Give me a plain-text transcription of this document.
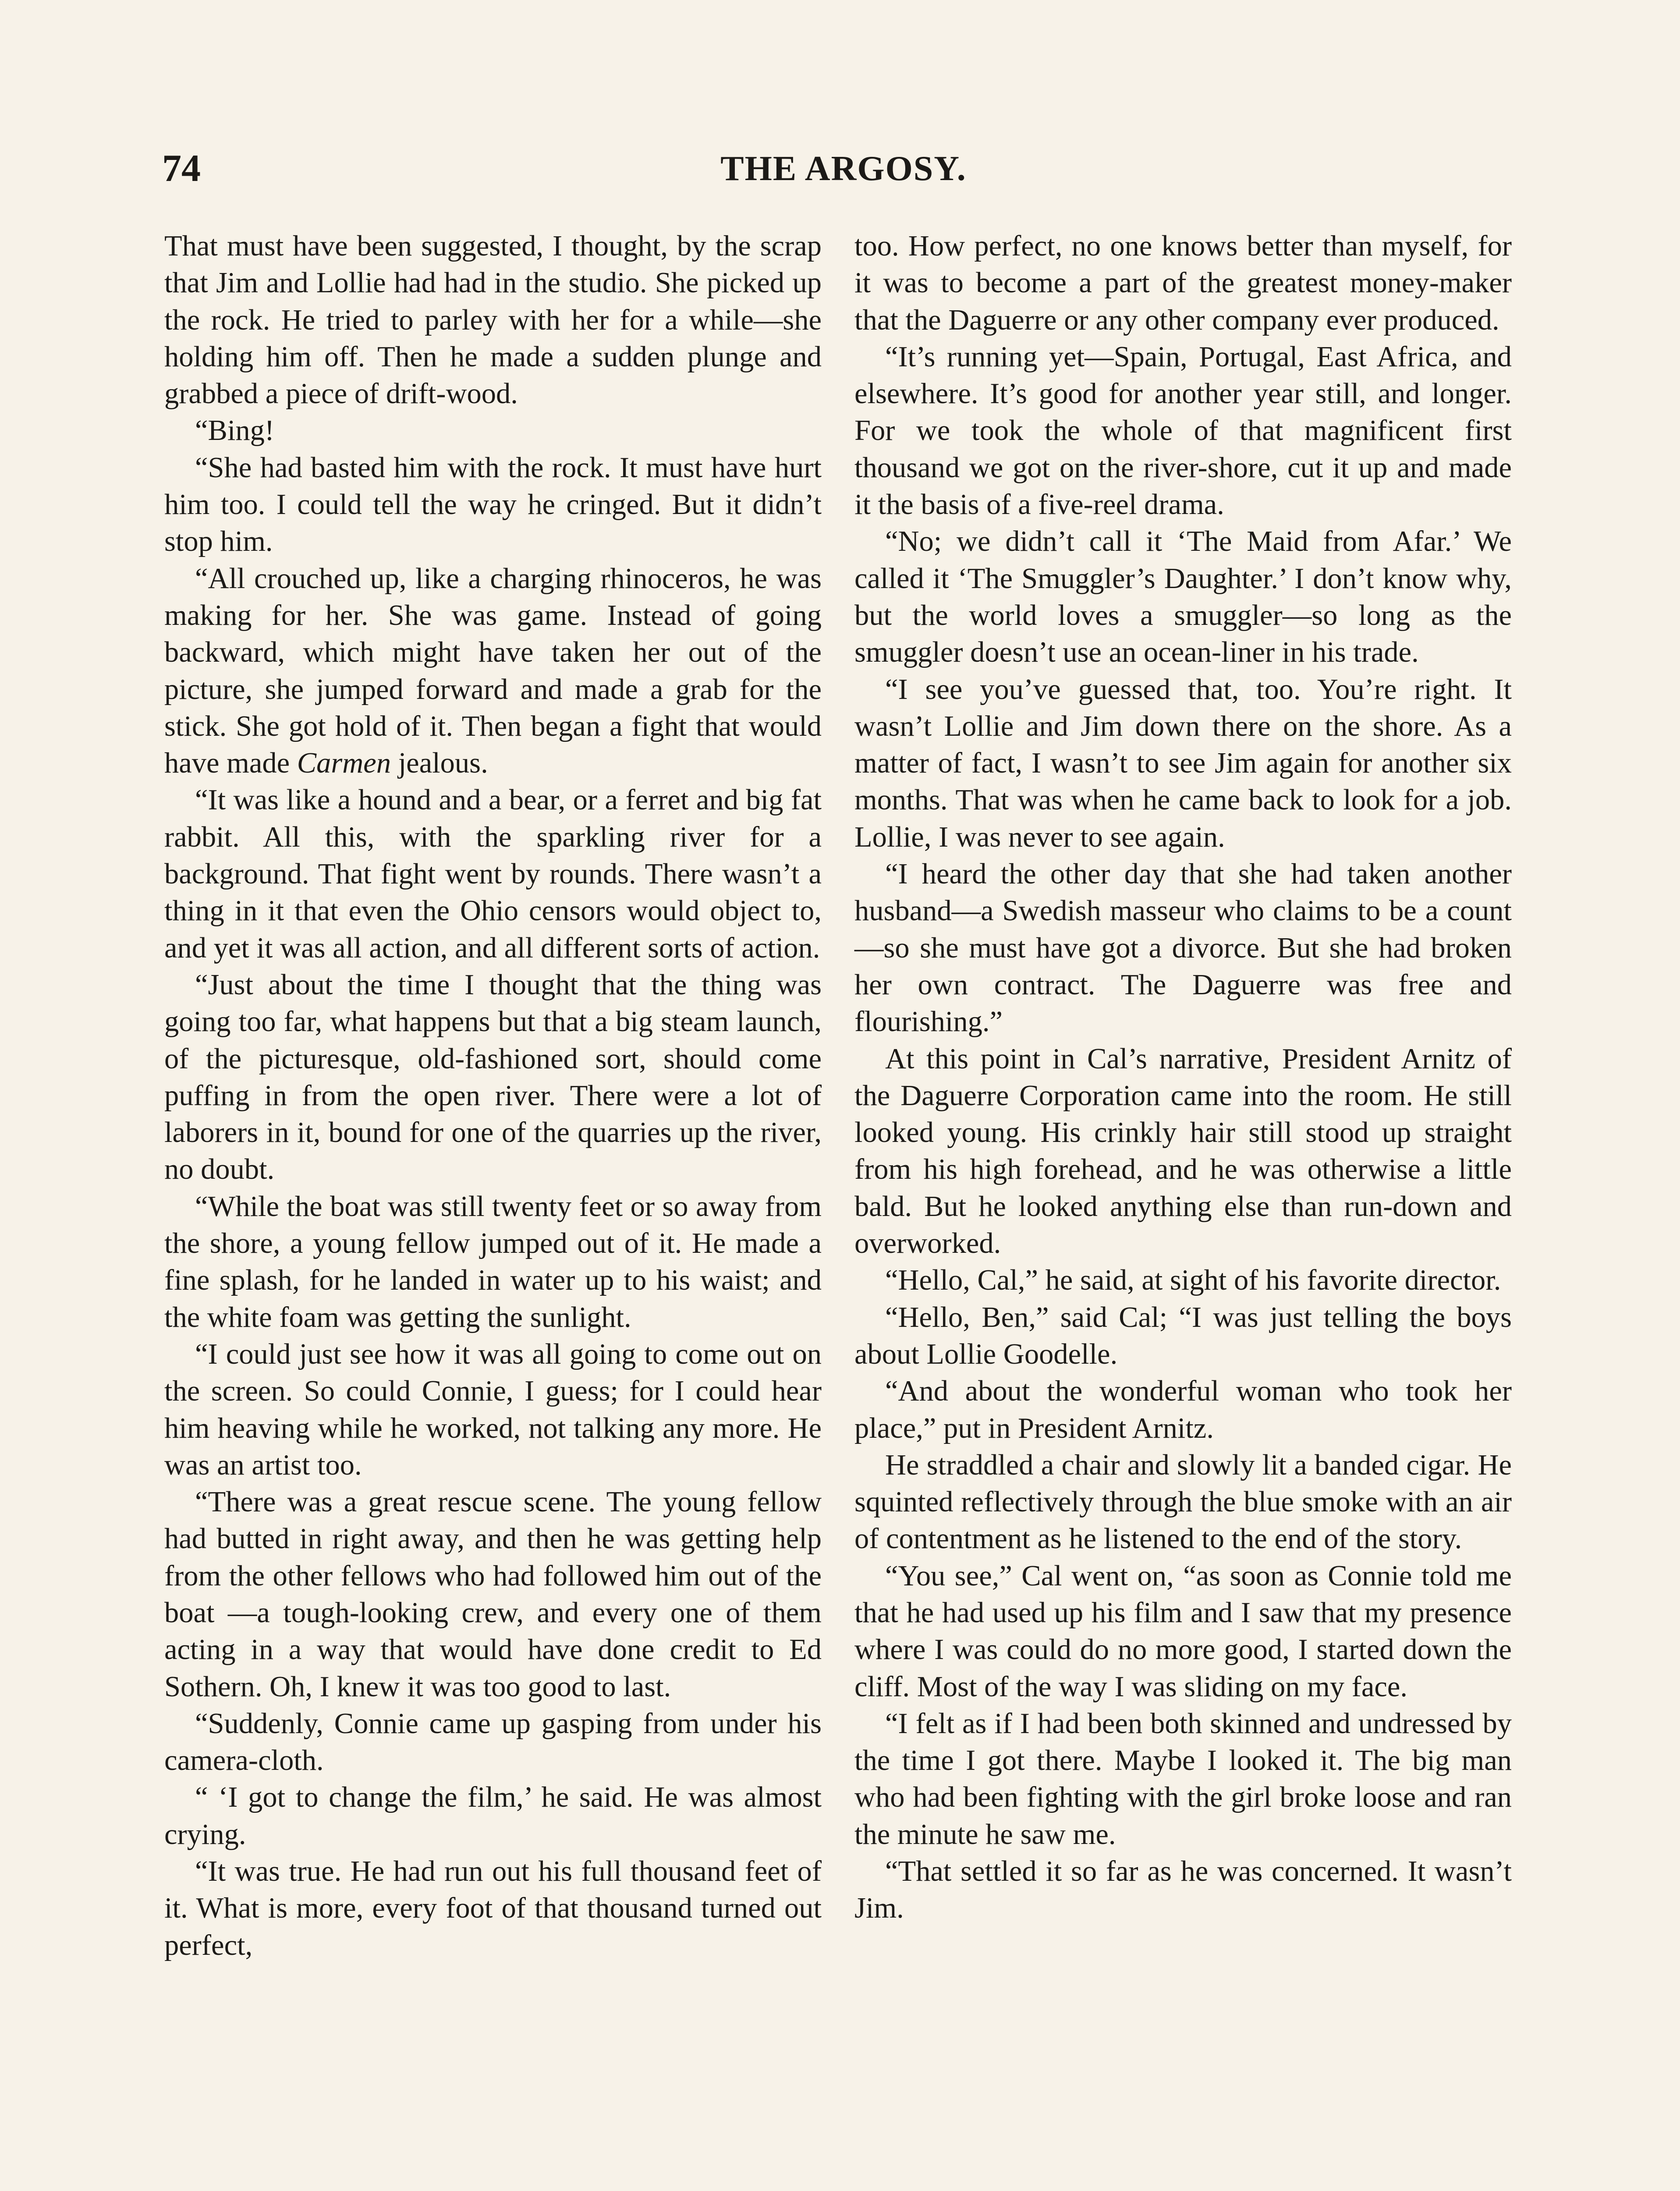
74	THE ARGOSY.

That must have been suggested, I thought, by the scrap that Jim and Lollie had had in the studio. She picked up the rock. He tried to parley with her for a while—she holding him off. Then he made a sudden plunge and grabbed a piece of drift-wood.

“Bing!

“She had basted him with the rock. It must have hurt him too. I could tell the way he cringed. But it didn’t stop him.

“All crouched up, like a charging rhinoceros, he was making for her. She was game. Instead of going backward, which might have taken her out of the picture, she jumped forward and made a grab for the stick. She got hold of it. Then began a fight that would have made Carmen jealous.

“It was like a hound and a bear, or a ferret and big fat rabbit. All this, with the sparkling river for a background. That fight went by rounds. There wasn’t a thing in it that even the Ohio censors would object to, and yet it was all action, and all different sorts of action.

“Just about the time I thought that the thing was going too far, what happens but that a big steam launch, of the picturesque, old-fashioned sort, should come puffing in from the open river. There were a lot of laborers in it, bound for one of the quarries up the river, no doubt.

“While the boat was still twenty feet or so away from the shore, a young fellow jumped out of it. He made a fine splash, for he landed in water up to his waist; and the white foam was getting the sunlight.

“I could just see how it was all going to come out on the screen. So could Connie, I guess; for I could hear him heaving while he worked, not talking any more. He was an artist too.

“There was a great rescue scene. The young fellow had butted in right away, and then he was getting help from the other fellows who had followed him out of the boat —a tough-looking crew, and every one of them acting in a way that would have done credit to Ed Sothern. Oh, I knew it was too good to last.

“Suddenly, Connie came up gasping from under his camera-cloth.

“ ‘I got to change the film,’ he said. He was almost crying.

“It was true. He had run out his full thousand feet of it. What is more, every foot of that thousand turned out perfect,

too. How perfect, no one knows better than myself, for it was to become a part of the greatest money-maker that the Daguerre or any other company ever produced.

“It’s running yet—Spain, Portugal, East Africa, and elsewhere. It’s good for another year still, and longer. For we took the whole of that magnificent first thousand we got on the river-shore, cut it up and made it the basis of a five-reel drama.

“No; we didn’t call it ‘The Maid from Afar.’ We called it ‘The Smuggler’s Daughter.’ I don’t know why, but the world loves a smuggler—so long as the smuggler doesn’t use an ocean-liner in his trade.

“I see you’ve guessed that, too. You’re right. It wasn’t Lollie and Jim down there on the shore. As a matter of fact, I wasn’t to see Jim again for another six months. That was when he came back to look for a job. Lollie, I was never to see again.

“I heard the other day that she had taken another husband—a Swedish masseur who claims to be a count—so she must have got a divorce. But she had broken her own contract. The Daguerre was free and flourishing.”

At this point in Cal’s narrative, President Arnitz of the Daguerre Corporation came into the room. He still looked young. His crinkly hair still stood up straight from his high forehead, and he was otherwise a little bald. But he looked anything else than run-down and overworked.

“Hello, Cal,” he said, at sight of his favorite director.

“Hello, Ben,” said Cal; “I was just telling the boys about Lollie Goodelle.

“And about the wonderful woman who took her place,” put in President Arnitz.

He straddled a chair and slowly lit a banded cigar. He squinted reflectively through the blue smoke with an air of contentment as he listened to the end of the story.

“You see,” Cal went on, “as soon as Connie told me that he had used up his film and I saw that my presence where I was could do no more good, I started down the cliff. Most of the way I was sliding on my face.

“I felt as if I had been both skinned and undressed by the time I got there. Maybe I looked it. The big man who had been fighting with the girl broke loose and ran the minute he saw me.

“That settled it so far as he was concerned. It wasn’t Jim.
